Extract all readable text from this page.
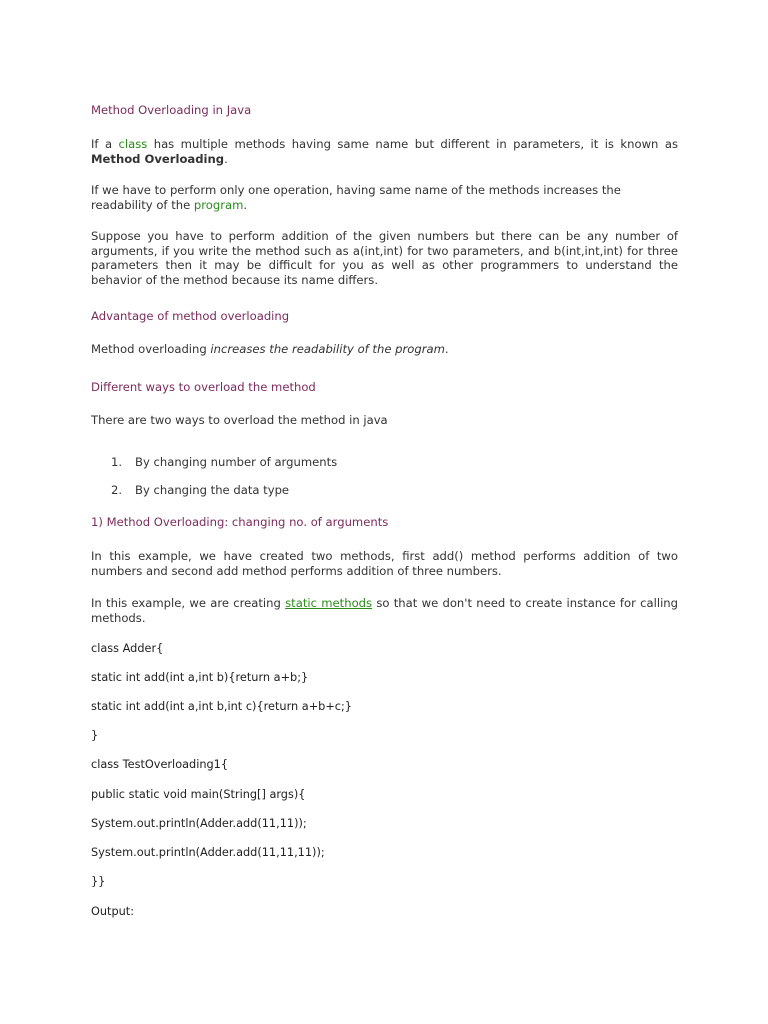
Method Overloading in Java

If a class has multiple methods having same name but different in parameters, it is known as Method Overloading.

If we have to perform only one operation, having same name of the methods increases the readability of the program.

Suppose you have to perform addition of the given numbers but there can be any number of arguments, if you write the method such as a(int,int) for two parameters, and b(int,int,int) for three parameters then it may be difficult for you as well as other programmers to understand the behavior of the method because its name differs.

Advantage of method overloading

Method overloading increases the readability of the program.

Different ways to overload the method

There are two ways to overload the method in java

1. By changing number of arguments
2. By changing the data type
1) Method Overloading: changing no. of arguments

In this example, we have created two methods, first add() method performs addition of two numbers and second add method performs addition of three numbers.

In this example, we are creating static methods so that we don't need to create instance for calling methods.

class Adder{
static int add(int a,int b){return a+b;}
static int add(int a,int b,int c){return a+b+c;}
}
class TestOverloading1{
public static void main(String[] args){
System.out.println(Adder.add(11,11));
System.out.println(Adder.add(11,11,11));
}}
Output:
